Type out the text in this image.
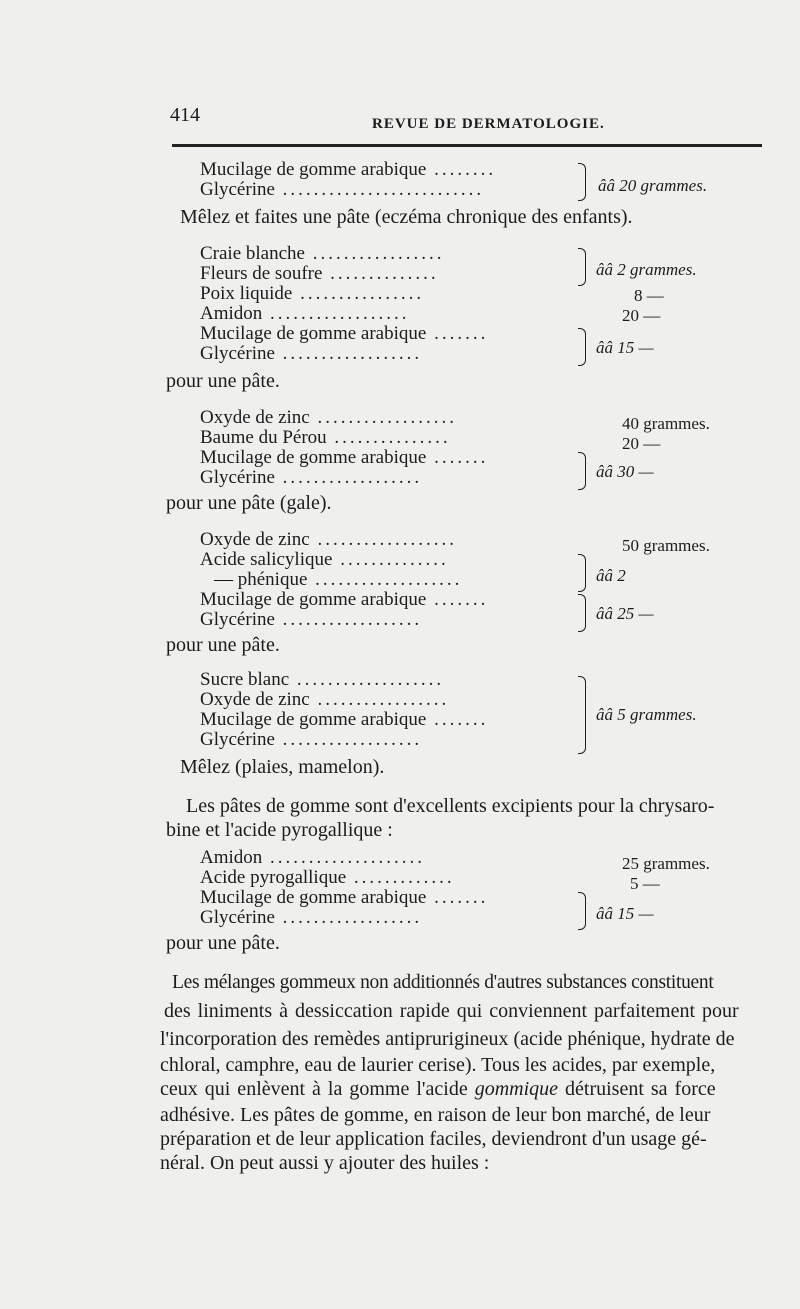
414	REVUE DE DERMATOLOGIE.
Mucilage de gomme arabique ........
Glycérine ..........................	ââ 20 grammes.
Mêlez et faites une pâte (eczéma chronique des enfants).
Craie blanche .................
Fleurs de soufre ..............
Poix liquide ................
Amidon ..................
Mucilage de gomme arabique .......
Glycérine ..................
ââ 2 grammes.
8 —
20 —
ââ 15 —
pour une pâte.
Oxyde de zinc ..................
Baume du Pérou ...............
Mucilage de gomme arabique .......
Glycérine ..................
40 grammes.
20 —
ââ 30 —
pour une pâte (gale).
Oxyde de zinc ..................
Acide salicylique ..............
— phénique ...................
Mucilage de gomme arabique .......
Glycérine ..................
50 grammes.
ââ 2
ââ 25 —
pour une pâte.
Sucre blanc ...................
Oxyde de zinc .................
Mucilage de gomme arabique .......
Glycérine ..................
ââ 5 grammes.
Mêlez (plaies, mamelon).
Les pâtes de gomme sont d'excellents excipients pour la chrysaro-
bine et l'acide pyrogallique :
Amidon ....................
Acide pyrogallique .............
Mucilage de gomme arabique .......
Glycérine ..................
25 grammes.
5 —
ââ 15 —
pour une pâte.
Les mélanges gommeux non additionnés d'autres substances constituent
des liniments à dessiccation rapide qui conviennent parfaitement pour
l'incorporation des remèdes antiprurigineux (acide phénique, hydrate de
chloral, camphre, eau de laurier cerise). Tous les acides, par exemple,
ceux qui enlèvent à la gomme l'acide gommique détruisent sa force
adhésive. Les pâtes de gomme, en raison de leur bon marché, de leur
préparation et de leur application faciles, deviendront d'un usage gé-
néral. On peut aussi y ajouter des huiles :
